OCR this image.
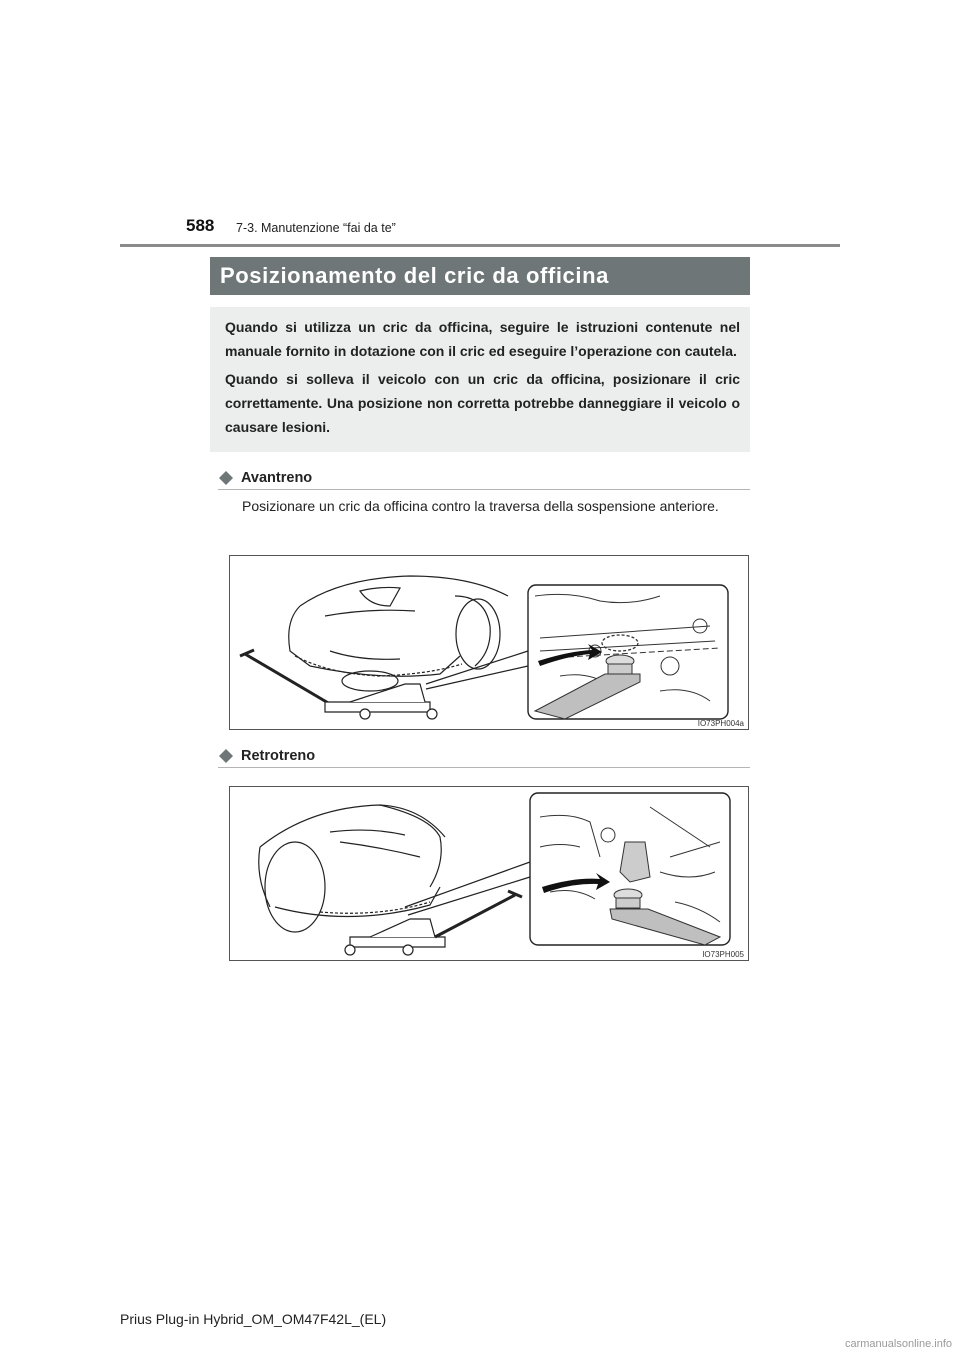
588 7-3. Manutenzione “fai da te”
Posizionamento del cric da officina

Quando si utilizza un cric da officina, seguire le istruzioni contenute nel manuale fornito in dotazione con il cric ed eseguire l’operazione con cautela.

Quando si solleva il veicolo con un cric da officina, posizionare il cric correttamente. Una posizione non corretta potrebbe danneggiare il veicolo o causare lesioni.

Avantreno

Posizionare un cric da officina contro la traversa della sospensione anteriore.

IO73PH004a
Retrotreno
IO73PH005
Prius Plug-in Hybrid_OM_OM47F42L_(EL)
carmanualsonline.info
